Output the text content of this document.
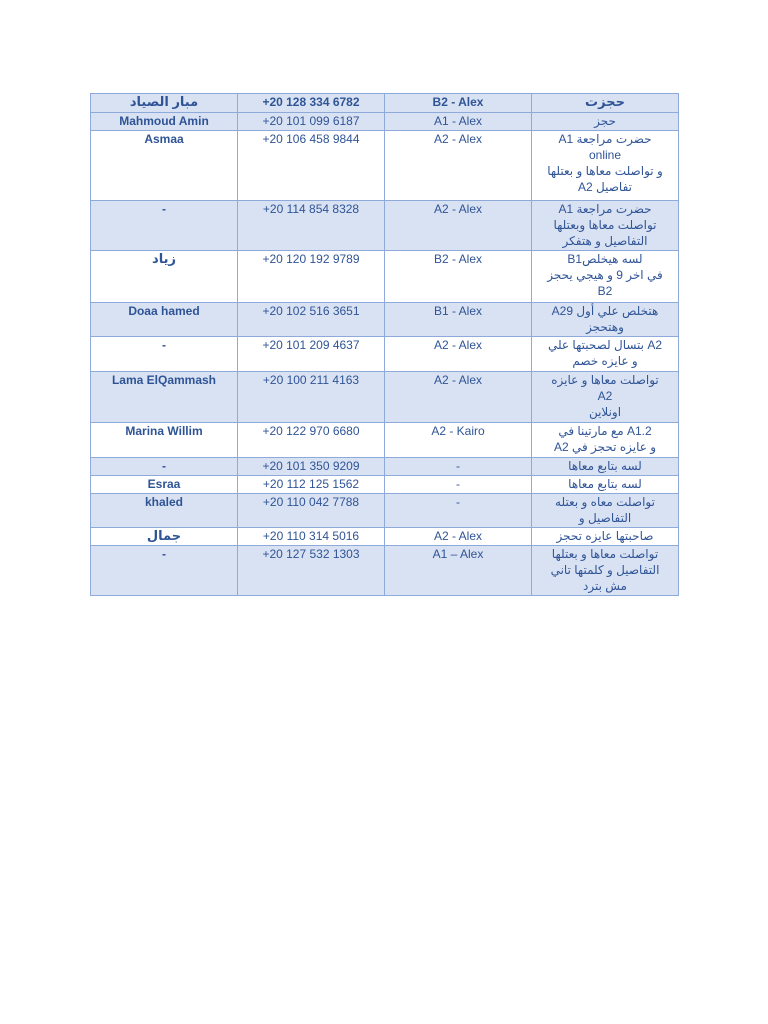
مبار الصياد	+20 128 334 6782	B2 - Alex	حجزت
Mahmoud Amin	+20 101 099 6187	A1 - Alex	حجز
Asmaa	+20 106 458 9844	A2 - Alex	حضرت مراجعة A1
online
و تواصلت معاها و بعتلها
تفاصيل A2
-	+20 114 854 8328	A2 - Alex	حضرت مراجعة A1
تواصلت معاها وبعتلها
التفاصيل و هتفكر
زياد	+20 120 192 9789	B2 - Alex	لسه هيخلصB1
في اخر 9 و هيجي يحجز
B2
Doaa hamed	+20 102 516 3651	B1 - Alex	هتخلص علي أول A29
وهتحجز
-	+20 101 209 4637	A2 - Alex	A2 بتسال لصحبتها علي
و عايزه خصم
Lama ElQammash	+20 100 211 4163	A2 - Alex	تواصلت معاها و عايزه
A2
اونلاين
Marina Willim	+20 122 970 6680	A2 - Kairo	A1.2 مع مارتينا في
و عايزه تحجز في A2
-	+20 101 350 9209	-	لسه بتابع معاها
Esraa	+20 112 125 1562	-	لسه بتابع معاها
khaled	+20 110 042 7788	-	تواصلت معاه و بعتله
التفاصيل و
جمال	+20 110 314 5016	A2 - Alex	صاحبتها عايزه تحجز
-	+20 127 532 1303	A1 – Alex	تواصلت معاها و بعتلها
التفاصيل و كلمتها تاني
مش بترد
